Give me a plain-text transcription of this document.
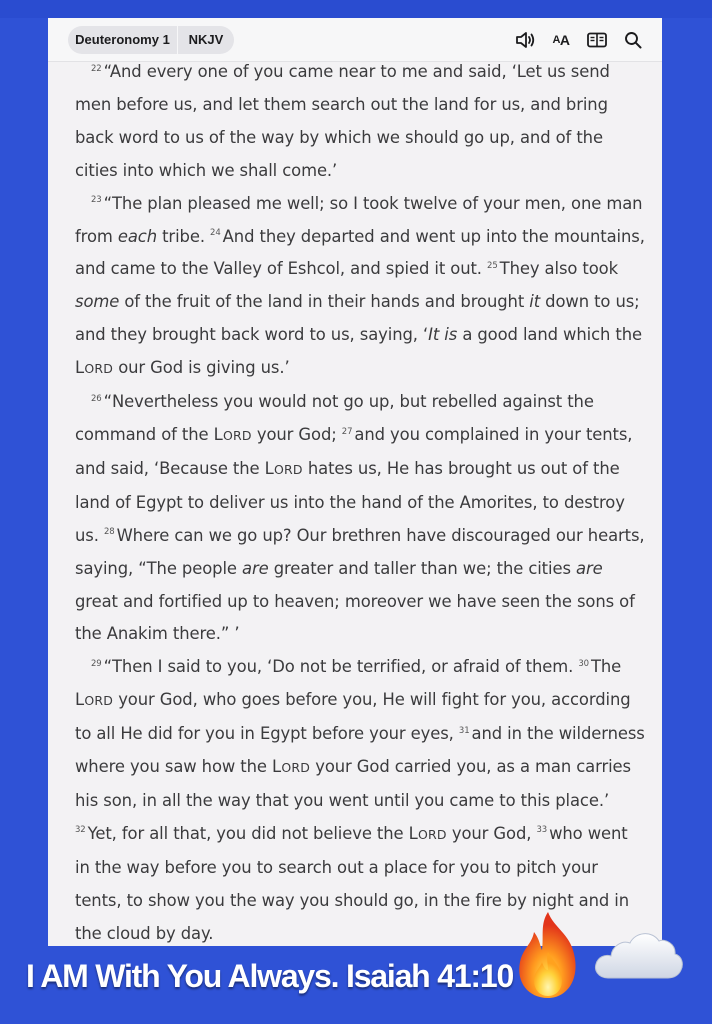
Deuteronomy 1	NKJV	A A

$^{22}$ “And every one of you came near to me and said, ‘Let us send men before us, and let them search out the land for us, and bring back word to us of the way by which we should go up, and of the cities into which we shall come.’

$^{23}$ “The plan pleased me well; so I took twelve of your men, one man from each tribe. $^{24}$ And they departed and went up into the mountains, and came to the Valley of Eshcol, and spied it out. $^{25}$ They also took some of the fruit of the land in their hands and brought it down to us; and they brought back word to us, saying, ‘It is a good land which the LORD our God is giving us.’

$^{26}$ “Nevertheless you would not go up, but rebelled against the command of the LORD your God; $^{27}$ and you complained in your tents, and said, ‘Because the LORD hates us, He has brought us out of the land of Egypt to deliver us into the hand of the Amorites, to destroy us. $^{28}$ Where can we go up? Our brethren have discouraged our hearts, saying, “The people are greater and taller than we; the cities are great and fortified up to heaven; moreover we have seen the sons of the Anakim there.” ’

$^{29}$ “Then I said to you, ‘Do not be terrified, or afraid of them. $^{30}$ The LORD your God, who goes before you, He will fight for you, according to all He did for you in Egypt before your eyes, $^{31}$ and in the wilderness where you saw how the LORD your God carried you, as a man carries his son, in all the way that you went until you came to this place.’ $^{32}$ Yet, for all that, you did not believe the LORD your God, $^{33}$ who went in the way before you to search out a place for you to pitch your tents, to show you the way you should go, in the fire by night and in the cloud by day.

I AM With You Always. Isaiah 41:10
